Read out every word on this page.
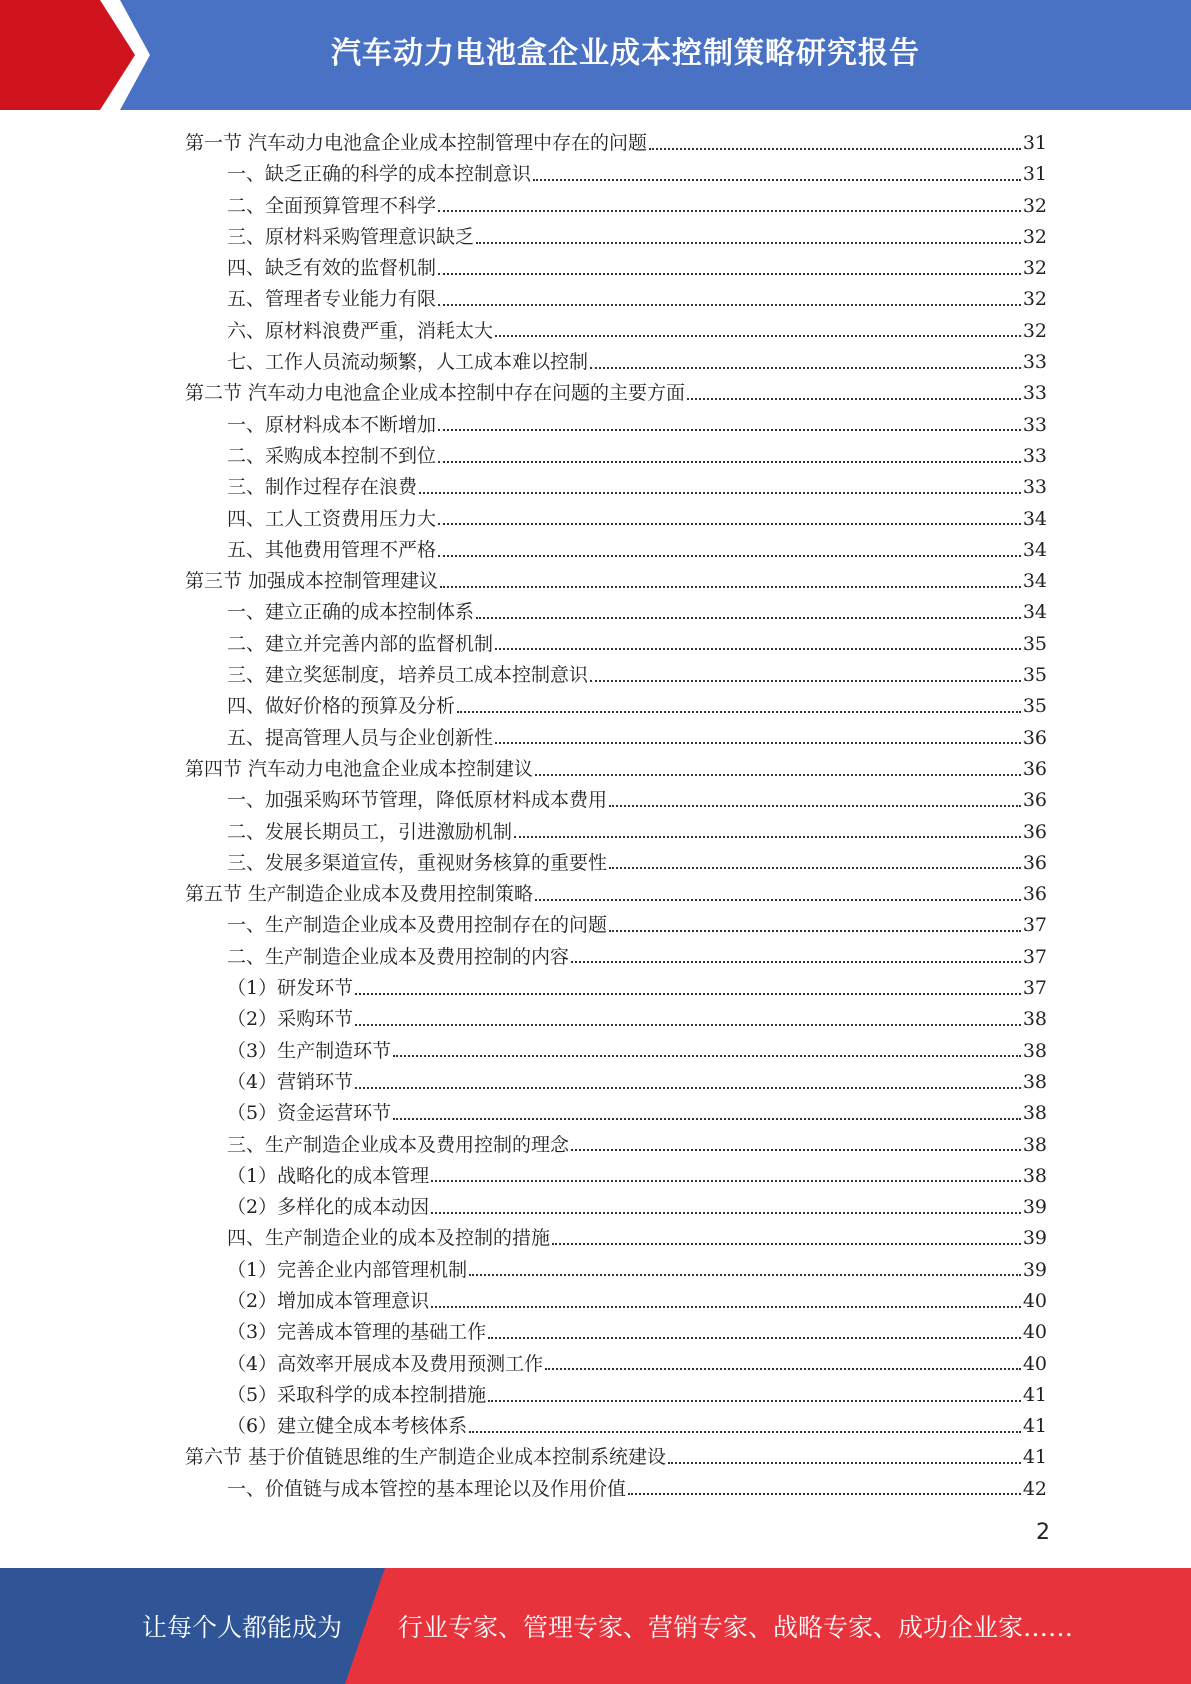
汽车动力电池盒企业成本控制策略研究报告
第一节 汽车动力电池盒企业成本控制管理中存在的问题	31
一、缺乏正确的科学的成本控制意识	31
二、全面预算管理不科学	32
三、原材料采购管理意识缺乏	32
四、缺乏有效的监督机制	32
五、管理者专业能力有限	32
六、原材料浪费严重，消耗太大	32
七、工作人员流动频繁，人工成本难以控制	33
第二节 汽车动力电池盒企业成本控制中存在问题的主要方面	33
一、原材料成本不断增加	33
二、采购成本控制不到位	33
三、制作过程存在浪费	33
四、工人工资费用压力大	34
五、其他费用管理不严格	34
第三节 加强成本控制管理建议	34
一、建立正确的成本控制体系	34
二、建立并完善内部的监督机制	35
三、建立奖惩制度，培养员工成本控制意识	35
四、做好价格的预算及分析	35
五、提高管理人员与企业创新性	36
第四节 汽车动力电池盒企业成本控制建议	36
一、加强采购环节管理，降低原材料成本费用	36
二、发展长期员工，引进激励机制	36
三、发展多渠道宣传，重视财务核算的重要性	36
第五节 生产制造企业成本及费用控制策略	36
一、生产制造企业成本及费用控制存在的问题	37
二、生产制造企业成本及费用控制的内容	37
（1）研发环节	37
（2）采购环节	38
（3）生产制造环节	38
（4）营销环节	38
（5）资金运营环节	38
三、生产制造企业成本及费用控制的理念	38
（1）战略化的成本管理	38
（2）多样化的成本动因	39
四、生产制造企业的成本及控制的措施	39
（1）完善企业内部管理机制	39
（2）增加成本管理意识	40
（3）完善成本管理的基础工作	40
（4）高效率开展成本及费用预测工作	40
（5）采取科学的成本控制措施	41
（6）建立健全成本考核体系	41
第六节 基于价值链思维的生产制造企业成本控制系统建设	41
一、价值链与成本管控的基本理论以及作用价值	42
2
让每个人都能成为 行业专家、管理专家、营销专家、战略专家、成功企业家……
